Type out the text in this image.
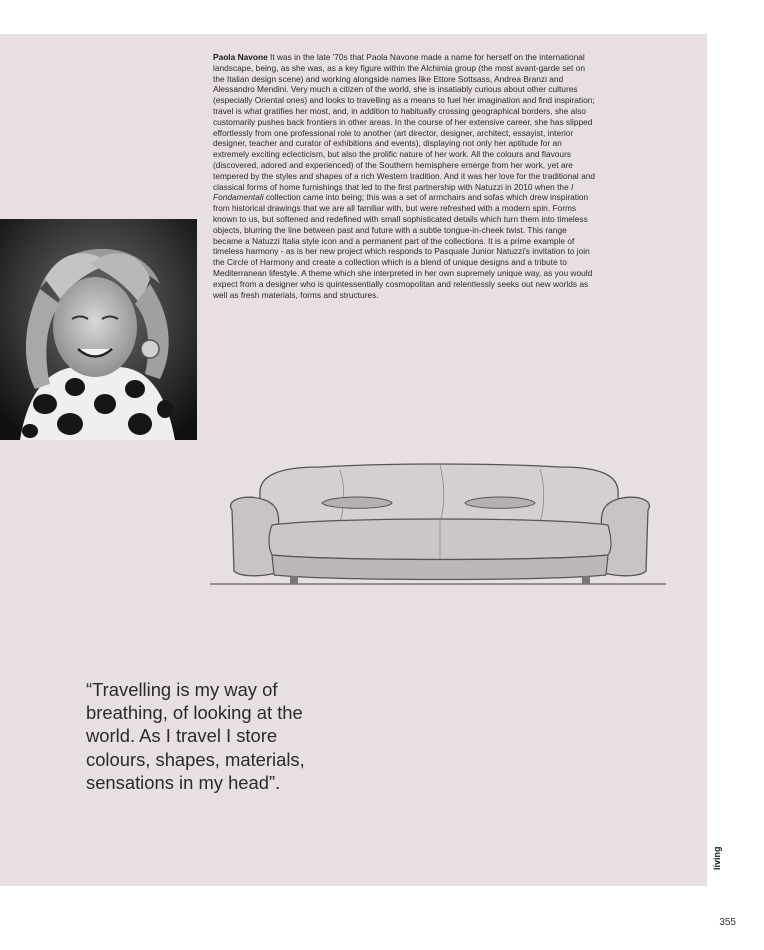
Paola Navone It was in the late '70s that Paola Navone made a name for herself on the international landscape, being, as she was, as a key figure within the Alchimia group (the most avant-garde set on the Italian design scene) and working alongside names like Ettore Sottsass, Andrea Branzi and Alessandro Mendini. Very much a citizen of the world, she is insatiably curious about other cultures (especially Oriental ones) and looks to travelling as a means to fuel her imagination and find inspiration; travel is what gratifies her most, and, in addition to habitually crossing geographical borders, she also customarily pushes back frontiers in other areas. In the course of her extensive career, she has slipped effortlessly from one professional role to another (art director, designer, architect, essayist, interior designer, teacher and curator of exhibitions and events), displaying not only her aptitude for an extremely exciting eclecticism, but also the prolific nature of her work. All the colours and flavours (discovered, adored and experienced) of the Southern hemisphere emerge from her work, yet are tempered by the styles and shapes of a rich Western tradition. And it was her love for the traditional and classical forms of home furnishings that led to the first partnership with Natuzzi in 2010 when the I Fondamentali collection came into being; this was a set of armchairs and sofas which drew inspiration from historical drawings that we are all familiar with, but were refreshed with a modern spin. Forms known to us, but softened and redefined with small sophisticated details which turn them into timeless objects, blurring the line between past and future with a subtle tongue-in-cheek twist. This range became a Natuzzi Italia style icon and a permanent part of the collections. It is a prime example of timeless harmony - as is her new project which responds to Pasquale Junior Natuzzi's invitation to join the Circle of Harmony and create a collection which is a blend of unique designs and a tribute to Mediterranean lifestyle. A theme which she interpreted in her own supremely unique way, as you would expect from a designer who is quintessentially cosmopolitan and relentlessly seeks out new worlds as well as fresh materials, forms and structures.

“Travelling is my way of breathing, of looking at the world. As I travel I store colours, shapes, materials, sensations in my head”.

living
355
